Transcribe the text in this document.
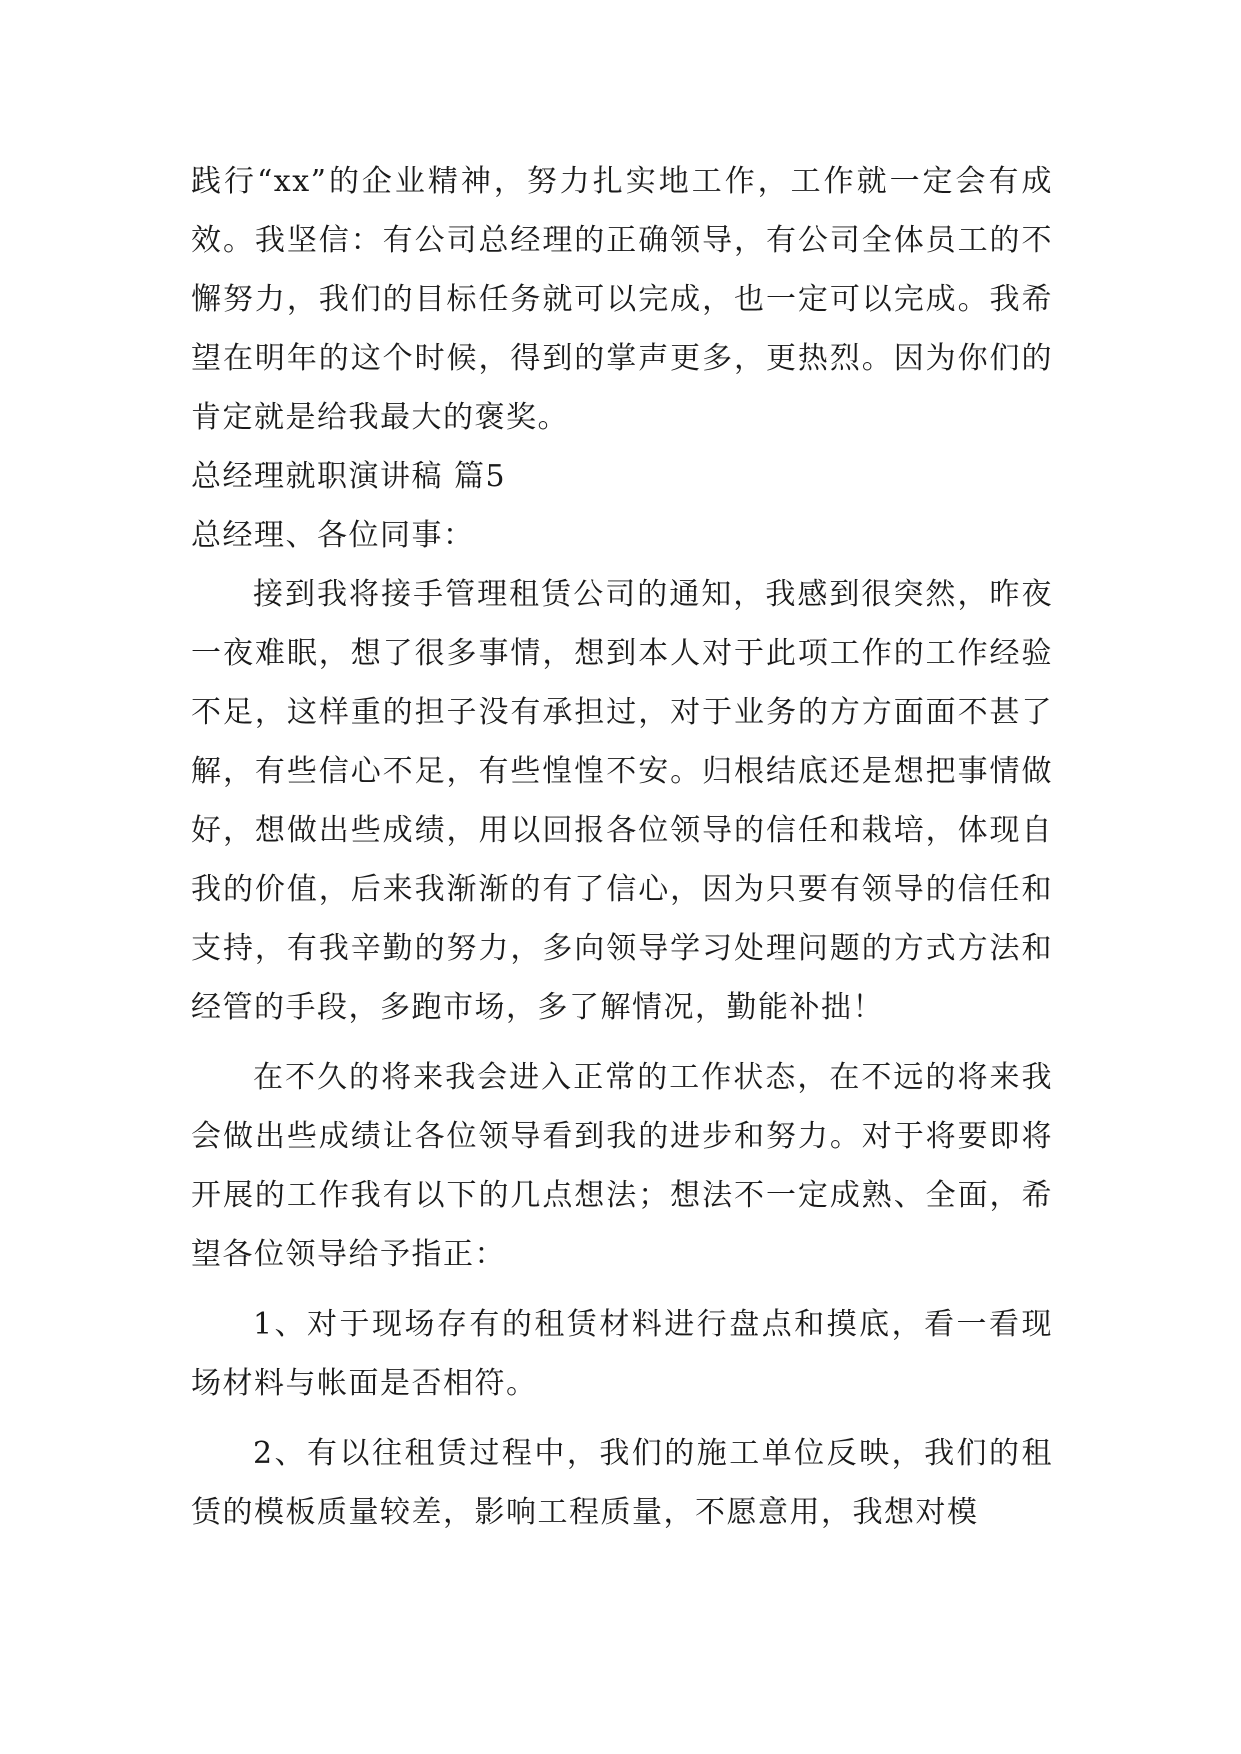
践行“xx”的企业精神，努力扎实地工作，工作就一定会有成效。我坚信：有公司总经理的正确领导，有公司全体员工的不懈努力，我们的目标任务就可以完成，也一定可以完成。我希望在明年的这个时候，得到的掌声更多，更热烈。因为你们的肯定就是给我最大的褒奖。

总经理就职演讲稿 篇5

总经理、各位同事：

接到我将接手管理租赁公司的通知，我感到很突然，昨夜一夜难眠，想了很多事情，想到本人对于此项工作的工作经验不足，这样重的担子没有承担过，对于业务的方方面面不甚了解，有些信心不足，有些惶惶不安。归根结底还是想把事情做好，想做出些成绩，用以回报各位领导的信任和栽培，体现自我的价值，后来我渐渐的有了信心，因为只要有领导的信任和支持，有我辛勤的努力，多向领导学习处理问题的方式方法和经管的手段，多跑市场，多了解情况，勤能补拙！

在不久的将来我会进入正常的工作状态，在不远的将来我会做出些成绩让各位领导看到我的进步和努力。对于将要即将开展的工作我有以下的几点想法；想法不一定成熟、全面，希望各位领导给予指正：

1、对于现场存有的租赁材料进行盘点和摸底，看一看现场材料与帐面是否相符。

2、有以往租赁过程中，我们的施工单位反映，我们的租赁的模板质量较差，影响工程质量，不愿意用，我想对模
